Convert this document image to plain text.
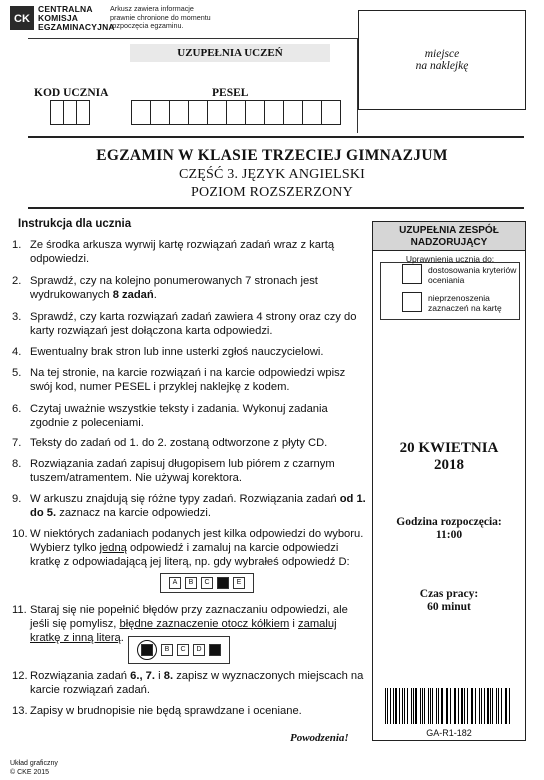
CK
CENTRALNA
KOMISJA
EGZAMINACYJNA
Arkusz zawiera informacje
prawnie chronione do momentu
rozpoczęcia egzaminu.
UZUPEŁNIA UCZEŃ
KOD UCZNIA	PESEL
miejsce
na naklejkę
EGZAMIN W KLASIE TRZECIEJ GIMNAZJUM
CZĘŚĆ 3. JĘZYK ANGIELSKI
POZIOM ROZSZERZONY
Instrukcja dla ucznia
1. Ze środka arkusza wyrwij kartę rozwiązań zadań wraz z kartą odpowiedzi.
2. Sprawdź, czy na kolejno ponumerowanych 7 stronach jest wydrukowanych 8 zadań.
3. Sprawdź, czy karta rozwiązań zadań zawiera 4 strony oraz czy do karty rozwiązań jest dołączona karta odpowiedzi.
4. Ewentualny brak stron lub inne usterki zgłoś nauczycielowi.
5. Na tej stronie, na karcie rozwiązań i na karcie odpowiedzi wpisz swój kod, numer PESEL i przyklej naklejkę z kodem.
6. Czytaj uważnie wszystkie teksty i zadania. Wykonuj zadania zgodnie z poleceniami.
7. Teksty do zadań od 1. do 2. zostaną odtworzone z płyty CD.
8. Rozwiązania zadań zapisuj długopisem lub piórem z czarnym tuszem/atramentem. Nie używaj korektora.
9. W arkuszu znajdują się różne typy zadań. Rozwiązania zadań od 1. do 5. zaznacz na karcie odpowiedzi.
10. W niektórych zadaniach podanych jest kilka odpowiedzi do wyboru. Wybierz tylko jedną odpowiedź i zamaluj na karcie odpowiedzi kratkę z odpowiadającą jej literą, np. gdy wybrałeś odpowiedź D:
A	B	C	E
11. Staraj się nie popełnić błędów przy zaznaczaniu odpowiedzi, ale jeśli się pomylisz, błędne zaznaczenie otocz kółkiem i zamaluj kratkę z inną literą.
B	C	D
12. Rozwiązania zadań 6., 7. i 8. zapisz w wyznaczonych miejscach na karcie rozwiązań zadań.
13. Zapisy w brudnopisie nie będą sprawdzane i oceniane.
Powodzenia!
UZUPEŁNIA ZESPÓŁ NADZORUJĄCY
Uprawnienia ucznia do:
dostosowania kryteriów oceniania
nieprzenoszenia zaznaczeń na kartę
20 KWIETNIA
2018
Godzina rozpoczęcia:
11:00
Czas pracy:
60 minut
GA-R1-182
Układ graficzny
© CKE 2015
